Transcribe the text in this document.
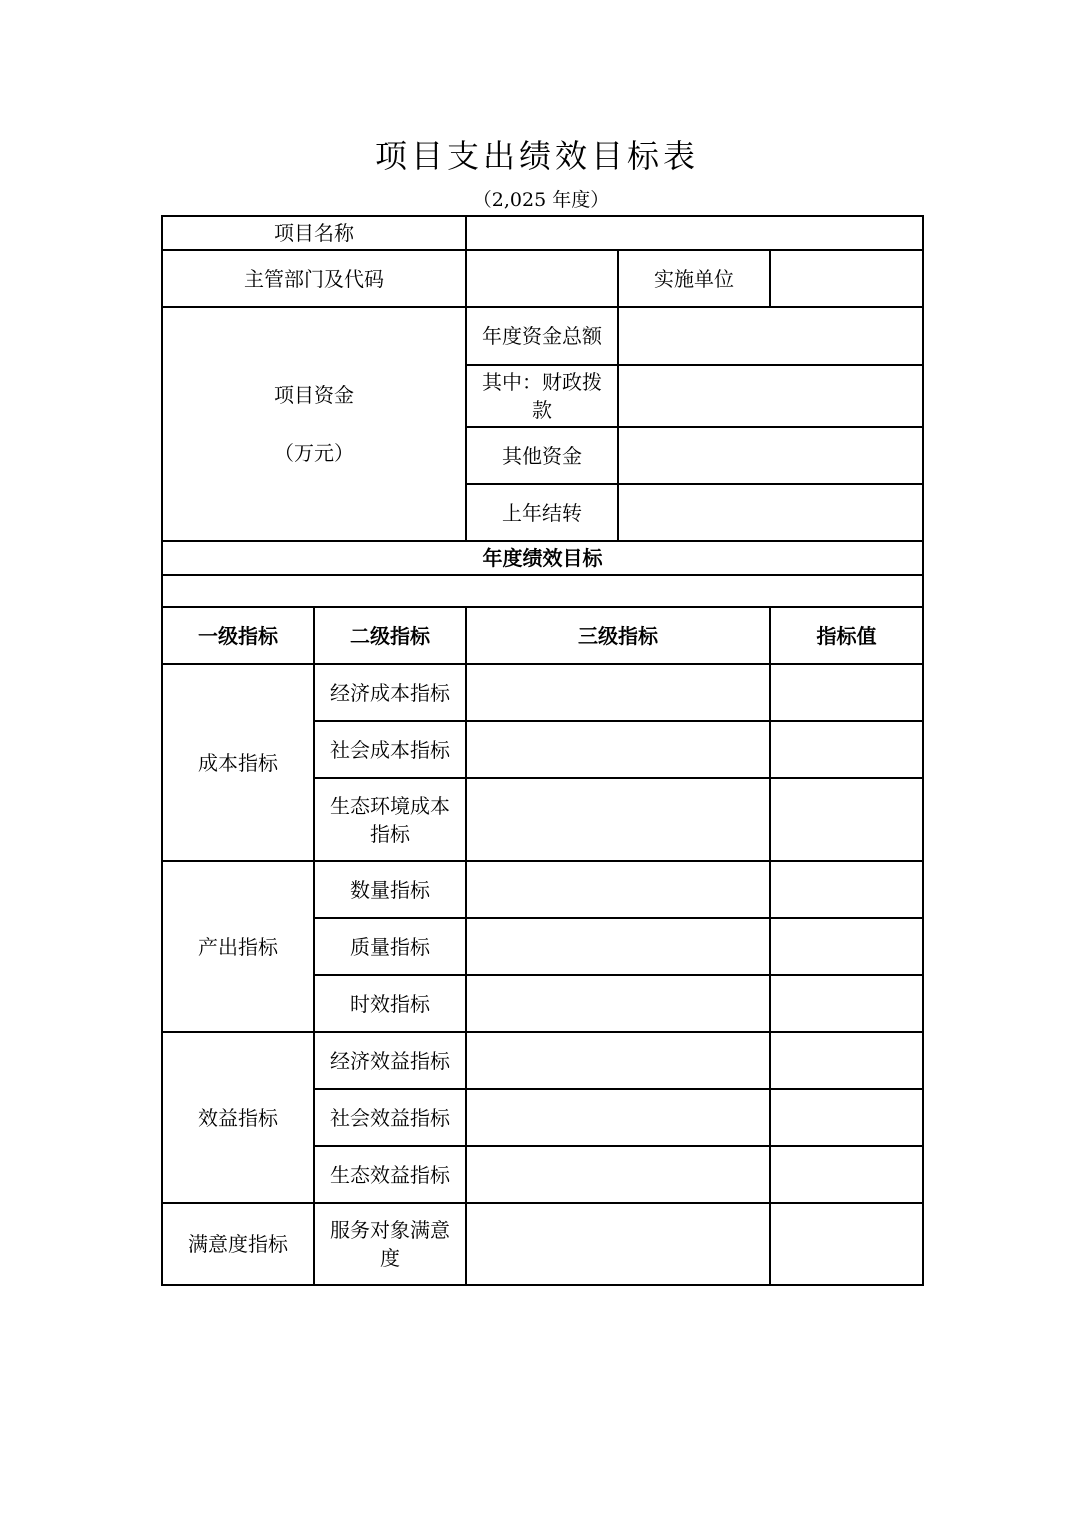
项目支出绩效目标表
（2,025 年度）
项目名称				
主管部门及代码			实施单位	
项目资金
（万元）		年度资金总额		
		其中：财政拨款		
		其他资金		
		上年结转		
年度绩效目标				

一级指标	二级指标	三级指标		指标值
成本指标	经济成本指标			
	社会成本指标			
	生态环境成本指标			
产出指标	数量指标			
	质量指标			
	时效指标			
效益指标	经济效益指标			
	社会效益指标			
	生态效益指标			
满意度指标	服务对象满意度			
